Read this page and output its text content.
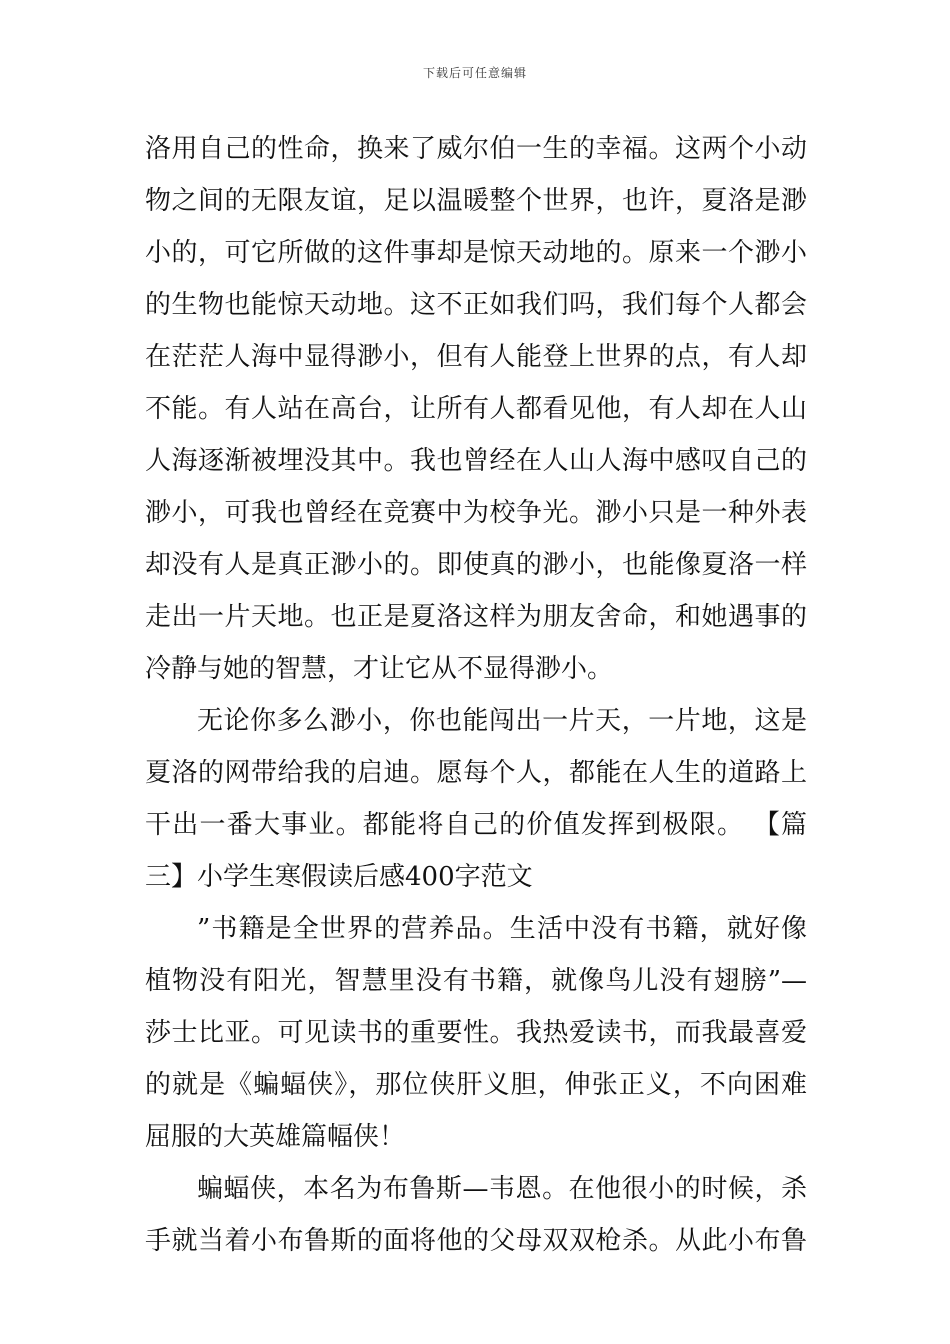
下载后可任意编辑
洛用自己的性命，换来了威尔伯一生的幸福。这两个小动
物之间的无限友谊，足以温暖整个世界，也许，夏洛是渺
小的，可它所做的这件事却是惊天动地的。原来一个渺小
的生物也能惊天动地。这不正如我们吗，我们每个人都会
在茫茫人海中显得渺小，但有人能登上世界的点，有人却
不能。有人站在高台，让所有人都看见他，有人却在人山
人海逐渐被埋没其中。我也曾经在人山人海中感叹自己的
渺小，可我也曾经在竞赛中为校争光。渺小只是一种外表
却没有人是真正渺小的。即使真的渺小，也能像夏洛一样
走出一片天地。也正是夏洛这样为朋友舍命，和她遇事的
冷静与她的智慧，才让它从不显得渺小。
无论你多么渺小，你也能闯出一片天，一片地，这是
夏洛的网带给我的启迪。愿每个人，都能在人生的道路上
干出一番大事业。都能将自己的价值发挥到极限。 【篇
三】小学生寒假读后感400字范文
”书籍是全世界的营养品。生活中没有书籍，就好像
植物没有阳光，智慧里没有书籍，就像鸟儿没有翅膀”—
莎士比亚。可见读书的重要性。我热爱读书，而我最喜爱
的就是《蝙蝠侠》，那位侠肝义胆，伸张正义，不向困难
屈服的大英雄篇幅侠！
蝙蝠侠，本名为布鲁斯—韦恩。在他很小的时候，杀
手就当着小布鲁斯的面将他的父母双双枪杀。从此小布鲁
